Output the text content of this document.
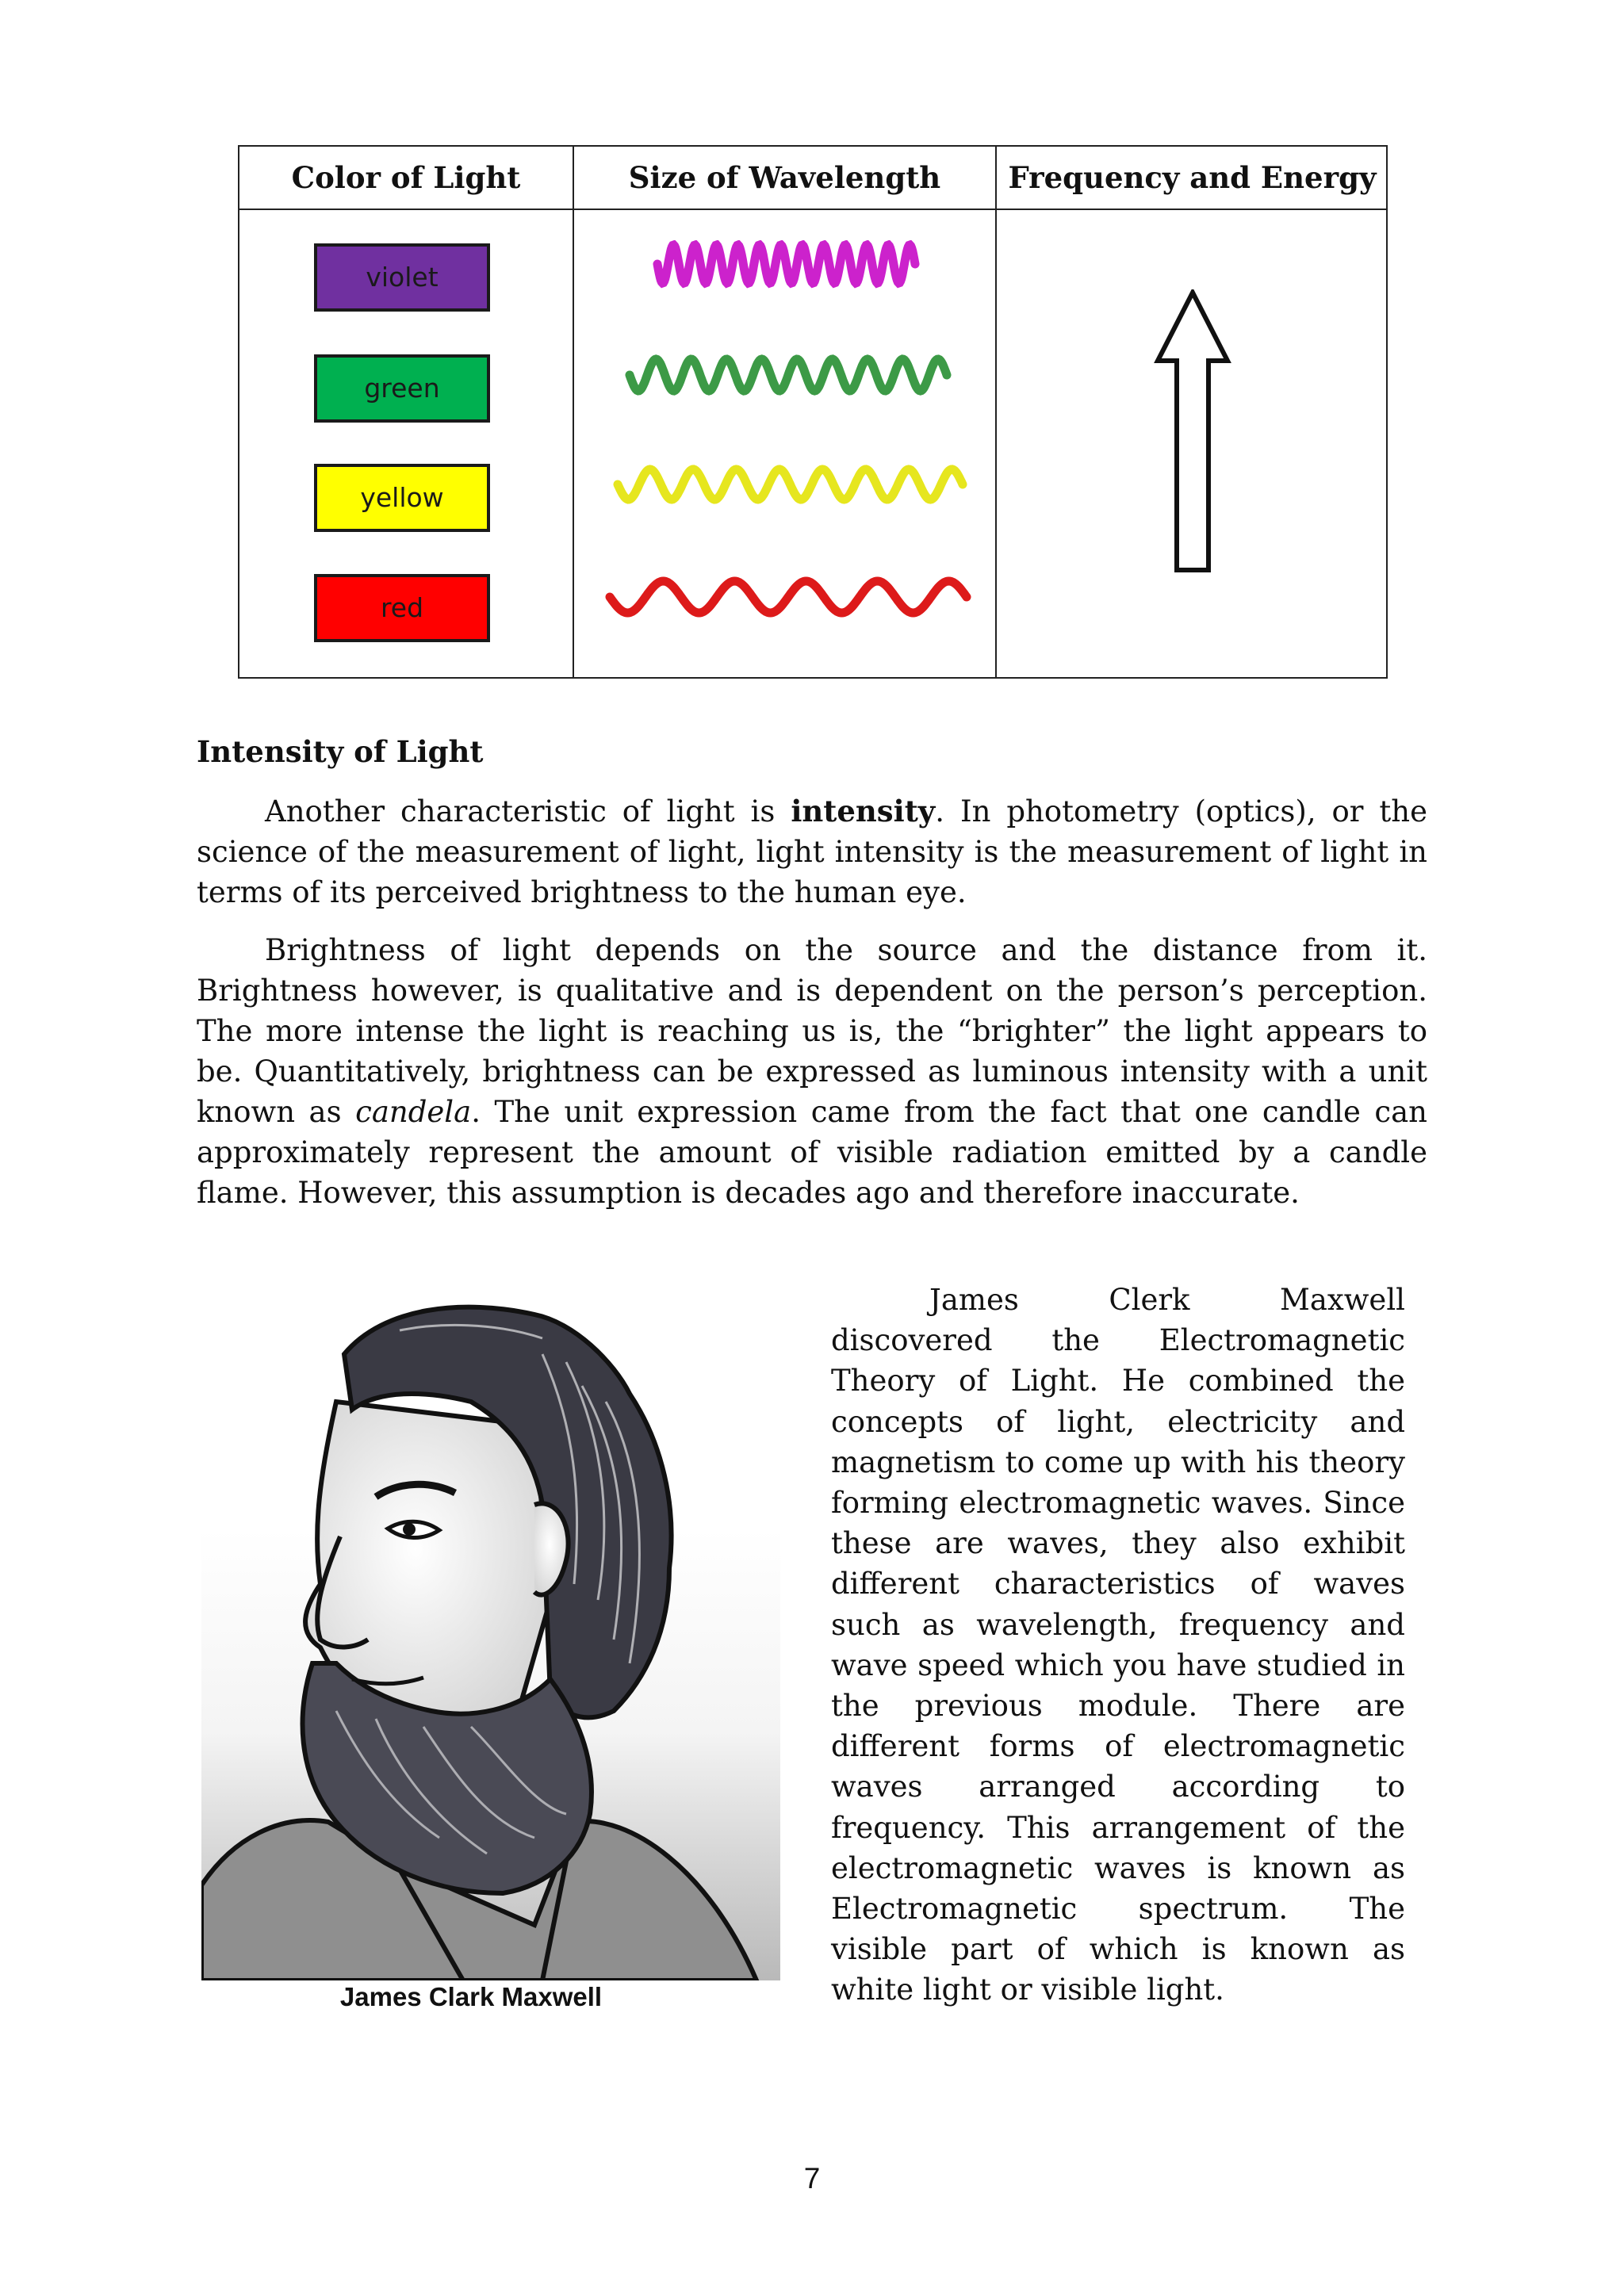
Color of Light	Size of Wavelength	Frequency and Energy
violet
green
yellow
red
Intensity of Light
Another characteristic of light is intensity. In photometry (optics), or the science of the measurement of light, light intensity is the measurement of light in terms of its perceived brightness to the human eye.
Brightness of light depends on the source and the distance from it. Brightness however, is qualitative and is dependent on the person’s perception. The more intense the light is reaching us is, the “brighter” the light appears to be. Quantitatively, brightness can be expressed as luminous intensity with a unit known as candela. The unit expression came from the fact that one candle can approximately represent the amount of visible radiation emitted by a candle flame. However, this assumption is decades ago and therefore inaccurate.
James Clark Maxwell
James Clerk Maxwell discovered the Electromagnetic Theory of Light. He combined the concepts of light, electricity and magnetism to come up with his theory forming electromagnetic waves. Since these are waves, they also exhibit different characteristics of waves such as wavelength, frequency and wave speed which you have studied in the previous module. There are different forms of electromagnetic waves arranged according to frequency. This arrangement of the electromagnetic waves is known as Electromagnetic spectrum. The visible part of which is known as white light or visible light.
7
